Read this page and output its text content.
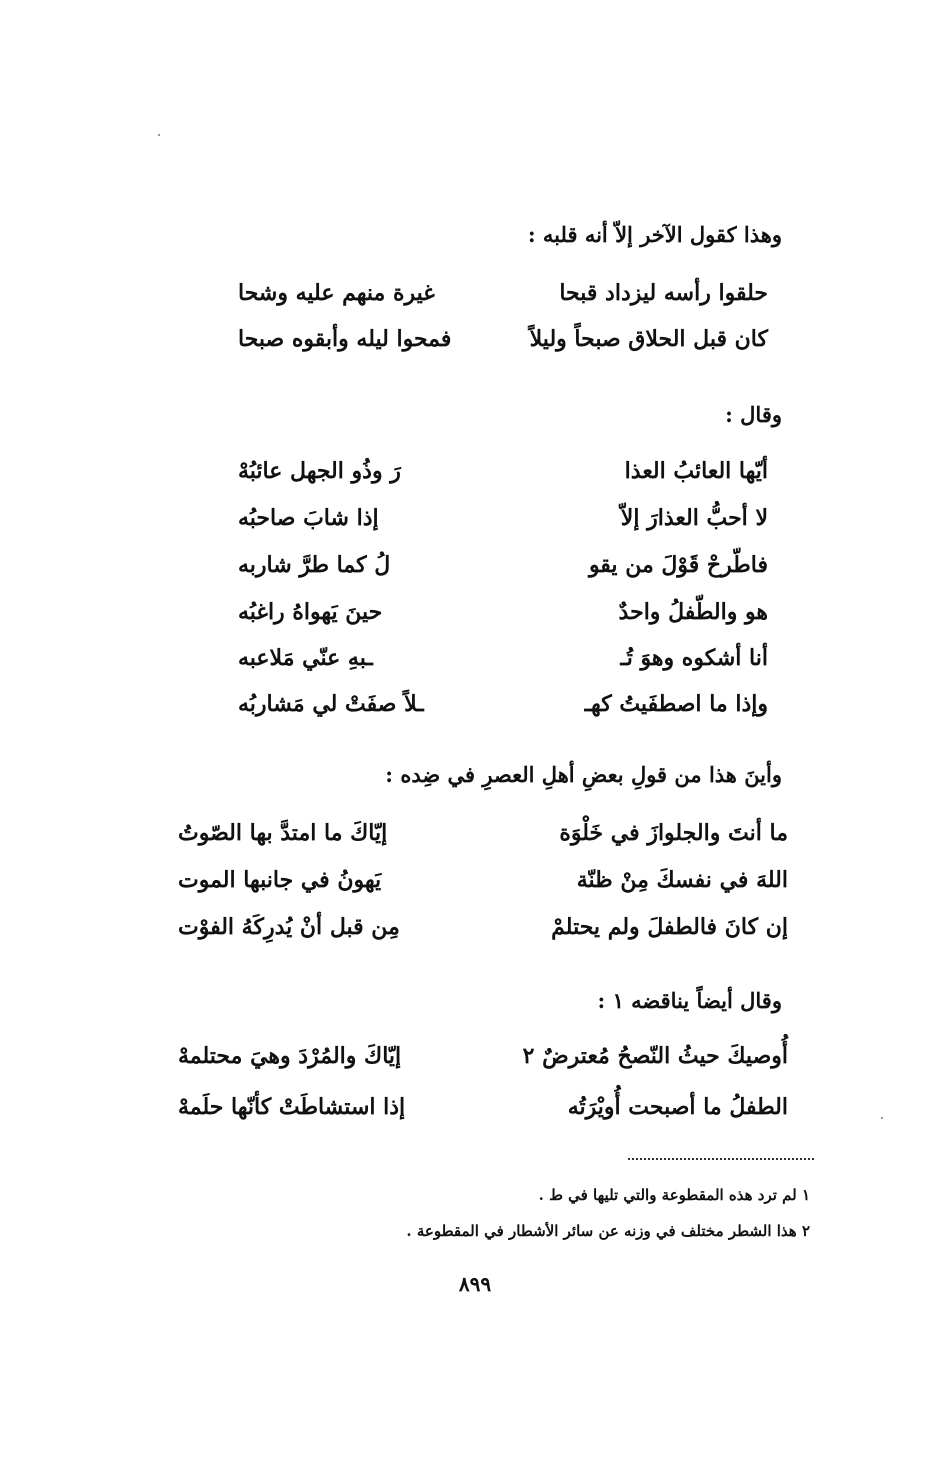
وهذا كقول الآخر إلاّ أنه قلبه :
حلقوا رأسه ليزداد قبحا
غيرة منهم عليه وشحا
كان قبل الحلاق صبحاً وليلاً
فمحوا ليله وأبقوه صبحا
وقال :
أيّها العائبُ العذا
رَ وذُو الجهل عائبُهْ
لا أحبُّ العذارَ إلاّ
إذا شابَ صاحبُه
فاطّرحْ قَوْلَ من يقو
لُ كما طرَّ شاربه
هو والطّفلُ واحدٌ
حينَ يَهواهُ راغبُه
أنا أشكوه وهوَ تُـ
ـبهِ عنّي مَلاعبه
وإذا ما اصطفَيتُ كهـ
ـلاً صفَتْ لي مَشاربُه
وأينَ هذا من قولِ بعضِ أهلِ العصرِ في ضِده :
ما أنتَ والجلوازَ في خَلْوَة
إيّاكَ ما امتدَّ بها الصّوتُ
اللهَ في نفسكَ مِنْ ظنّة
يَهونُ في جانبها الموت
إن كانَ فالطفلَ ولم يحتلمْ
مِن قبل أنْ يُدرِكَهُ الفوْت
وقال أيضاً يناقضه ١ :
أُوصيكَ حيثُ النّصحُ مُعترضٌ ٢
إيّاكَ والمُرْدَ وهيَ محتلمهْ
الطفلُ ما أصبحت أُويْرَتُه
إذا استشاطَتْ كأنّها حلَمهْ
١ لم ترد هذه المقطوعة والتي تليها في ط .
٢ هذا الشطر مختلف في وزنه عن سائر الأشطار في المقطوعة .
٨٩٩
